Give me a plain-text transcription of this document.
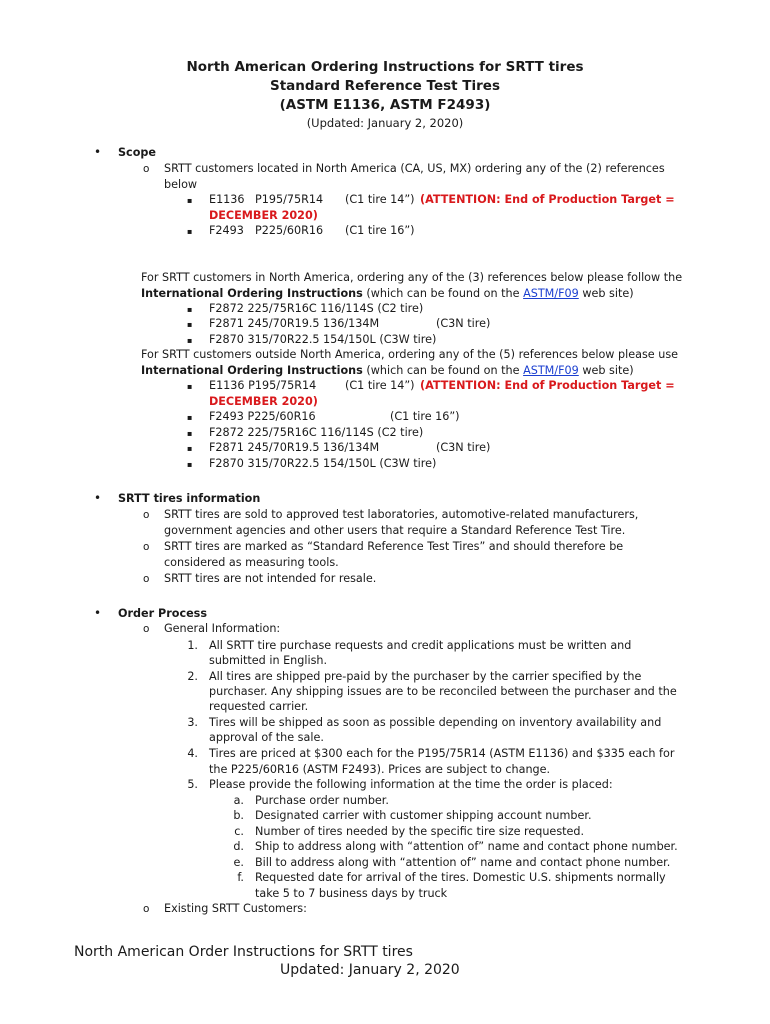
North American Ordering Instructions for SRTT tires
Standard Reference Test Tires
(ASTM E1136, ASTM F2493)
(Updated: January 2, 2020)
• Scope
o SRTT customers located in North America (CA, US, MX) ordering any of the (2) references
below
▪ E1136 P195/75R14 (C1 tire 14”) (ATTENTION: End of Production Target =
DECEMBER 2020)
▪ F2493 P225/60R16 (C1 tire 16”)
For SRTT customers in North America, ordering any of the (3) references below please follow the
International Ordering Instructions (which can be found on the ASTM/F09 web site)
▪ F2872 225/75R16C 116/114S (C2 tire)
▪ F2871 245/70R19.5 136/134M	(C3N tire)
▪ F2870 315/70R22.5 154/150L (C3W tire)
For SRTT customers outside North America, ordering any of the (5) references below please use
International Ordering Instructions (which can be found on the ASTM/F09 web site)
▪ E1136 P195/75R14	(C1 tire 14”) (ATTENTION: End of Production Target =
DECEMBER 2020)
▪ F2493 P225/60R16	(C1 tire 16”)
▪ F2872 225/75R16C 116/114S (C2 tire)
▪ F2871 245/70R19.5 136/134M	(C3N tire)
▪ F2870 315/70R22.5 154/150L (C3W tire)
• SRTT tires information
o SRTT tires are sold to approved test laboratories, automotive-related manufacturers,
government agencies and other users that require a Standard Reference Test Tire.
o SRTT tires are marked as “Standard Reference Test Tires” and should therefore be
considered as measuring tools.
o SRTT tires are not intended for resale.
• Order Process
o General Information:
1. All SRTT tire purchase requests and credit applications must be written and
submitted in English.
2. All tires are shipped pre-paid by the purchaser by the carrier specified by the
purchaser. Any shipping issues are to be reconciled between the purchaser and the
requested carrier.
3. Tires will be shipped as soon as possible depending on inventory availability and
approval of the sale.
4. Tires are priced at $300 each for the P195/75R14 (ASTM E1136) and $335 each for
the P225/60R16 (ASTM F2493). Prices are subject to change.
5. Please provide the following information at the time the order is placed:
a. Purchase order number.
b. Designated carrier with customer shipping account number.
c. Number of tires needed by the specific tire size requested.
d. Ship to address along with “attention of” name and contact phone number.
e. Bill to address along with “attention of” name and contact phone number.
f. Requested date for arrival of the tires. Domestic U.S. shipments normally
take 5 to 7 business days by truck
o Existing SRTT Customers:
North American Order Instructions for SRTT tires
Updated: January 2, 2020
